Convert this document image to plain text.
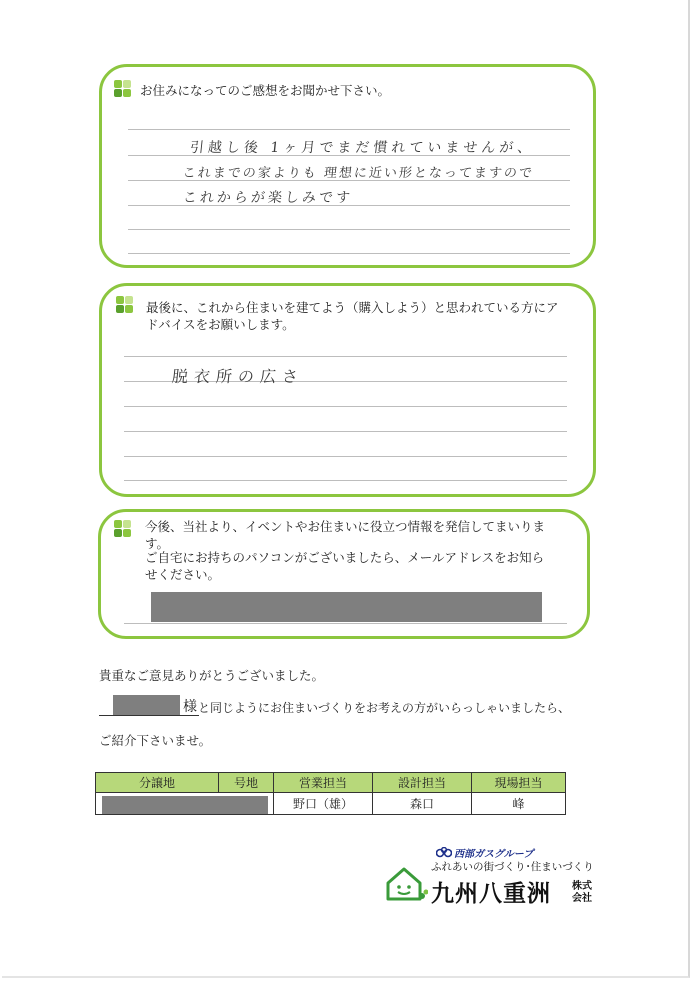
お住みになってのご感想をお聞かせ下さい。
引越し後 1ヶ月でまだ慣れていませんが、
これまでの家よりも 理想に近い形となってますので
これからが楽しみです
最後に、これから住まいを建てよう（購入しよう）と思われている方にアドバイスをお願いします。
脱衣所の広さ
今後、当社より、イベントやお住まいに役立つ情報を発信してまいります。
ご自宅にお持ちのパソコンがございましたら、メールアドレスをお知らせください。
貴重なご意見ありがとうございました。
様 と同じようにお住まいづくりをお考えの方がいらっしゃいましたら、
ご紹介下さいませ。
分譲地	号地	営業担当	設計担当	現場担当

		野口（雄）	森口	峰
西部ガスグループ
ふれあいの街づくり･住まいづくり
九州八重洲 株式
会社
